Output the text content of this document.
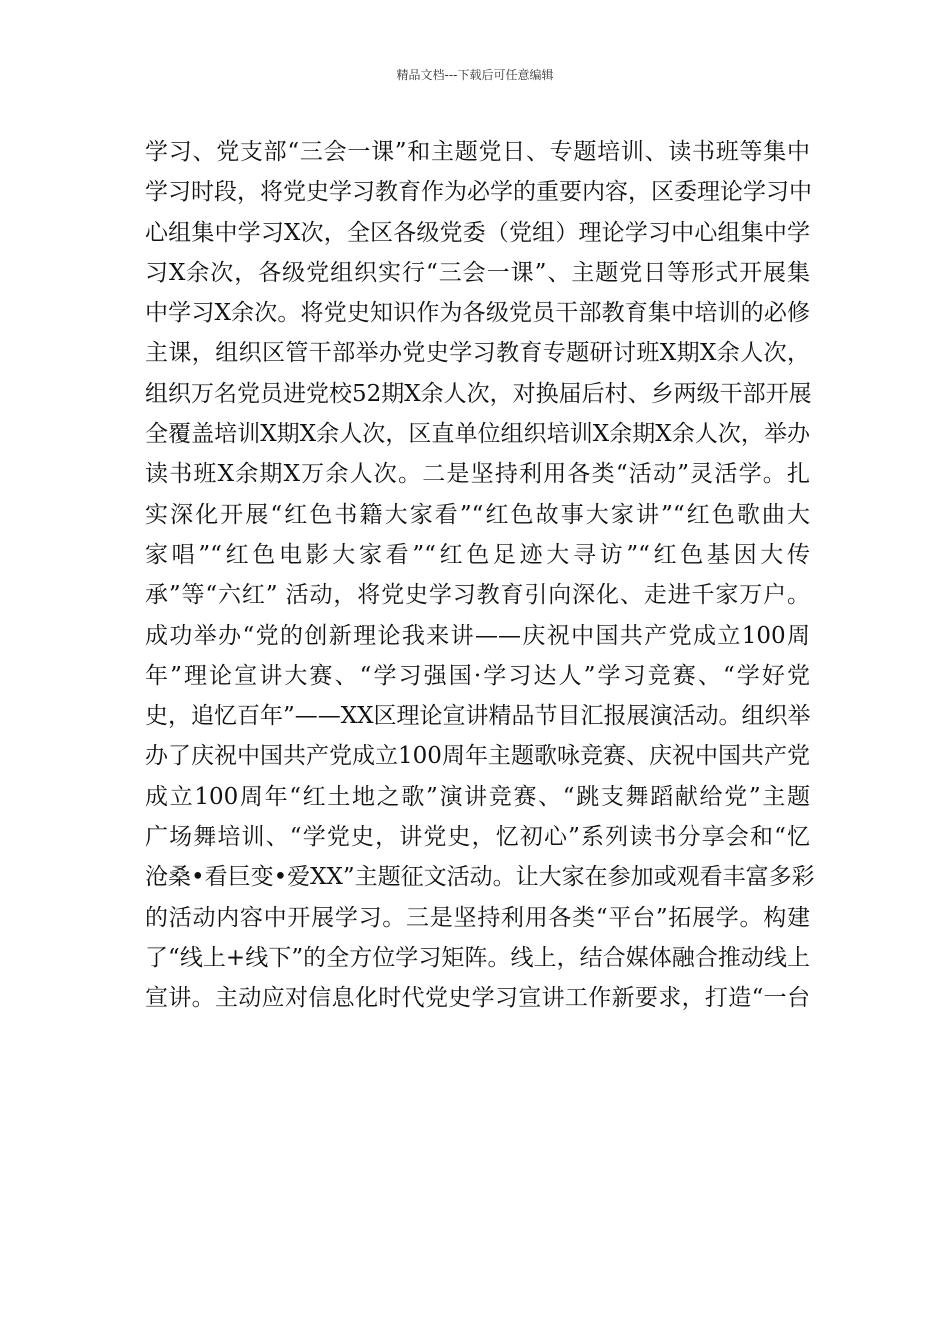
精品文档---下载后可任意编辑
学习、党支部“三会一课”和主题党日、专题培训、读书班等集中
学习时段，将党史学习教育作为必学的重要内容，区委理论学习中
心组集中学习X次，全区各级党委（党组）理论学习中心组集中学
习X余次，各级党组织实行“三会一课”、主题党日等形式开展集
中学习X余次。将党史知识作为各级党员干部教育集中培训的必修
主课，组织区管干部举办党史学习教育专题研讨班X期X余人次，
组织万名党员进党校52期X余人次，对换届后村、乡两级干部开展
全覆盖培训X期X余人次，区直单位组织培训X余期X余人次，举办
读书班X余期X万余人次。二是坚持利用各类“活动”灵活学。扎
实深化开展“红色书籍大家看”“红色故事大家讲”“红色歌曲大
家唱”“红色电影大家看”“红色足迹大寻访”“红色基因大传
承”等“六红” 活动，将党史学习教育引向深化、走进千家万户。
成功举办“党的创新理论我来讲——庆祝中国共产党成立100周
年”理论宣讲大赛、“学习强国·学习达人”学习竞赛、“学好党
史，追忆百年”——XX区理论宣讲精品节目汇报展演活动。组织举
办了庆祝中国共产党成立100周年主题歌咏竞赛、庆祝中国共产党
成立100周年“红土地之歌”演讲竞赛、“跳支舞蹈献给党”主题
广场舞培训、“学党史，讲党史，忆初心”系列读书分享会和“忆
沧桑•看巨变•爱XX”主题征文活动。让大家在参加或观看丰富多彩
的活动内容中开展学习。三是坚持利用各类“平台”拓展学。构建
了“线上+线下”的全方位学习矩阵。线上，结合媒体融合推动线上
宣讲。主动应对信息化时代党史学习宣讲工作新要求，打造“一台
